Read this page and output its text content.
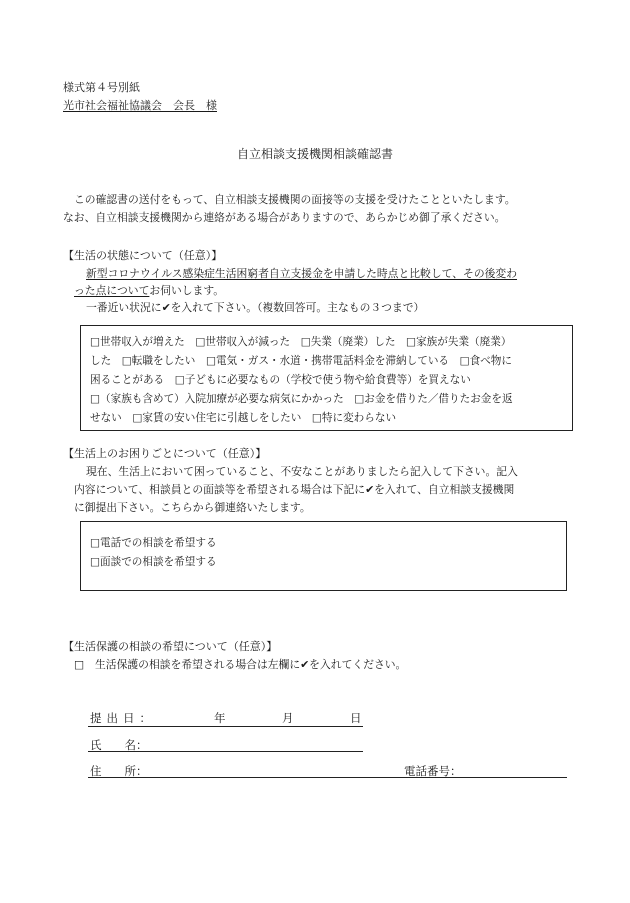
様式第４号別紙
光市社会福祉協議会　会長　様
自立相談支援機関相談確認書
この確認書の送付をもって、自立相談支援機関の面接等の支援を受けたことといたします。
なお、自立相談支援機関から連絡がある場合がありますので、あらかじめ御了承ください。
【生活の状態について（任意）】
新型コロナウイルス感染症生活困窮者自立支援金を申請した時点と比較して、その後変わ
った点についてお伺いします。
一番近い状況に✔を入れて下さい。（複数回答可。主なもの３つまで）
□世帯収入が増えた　□世帯収入が減った　□失業（廃業）した　□家族が失業（廃業）
した　□転職をしたい　□電気・ガス・水道・携帯電話料金を滞納している　□食べ物に
困ることがある　□子どもに必要なもの（学校で使う物や給食費等）を買えない
□（家族も含めて）入院加療が必要な病気にかかった　□お金を借りた／借りたお金を返
せない　□家賃の安い住宅に引越しをしたい　□特に変わらない
【生活上のお困りごとについて（任意）】
現在、生活上において困っていること、不安なことがありましたら記入して下さい。記入
内容について、相談員との面談等を希望される場合は下記に✔を入れて、自立相談支援機関
に御提出下さい。こちらから御連絡いたします。
□電話での相談を希望する
□面談での相談を希望する
【生活保護の相談の希望について（任意）】
□　生活保護の相談を希望される場合は左欄に✔を入れてください。
提出日：	年	月	日
氏　　名：
住　　所：	電話番号：
